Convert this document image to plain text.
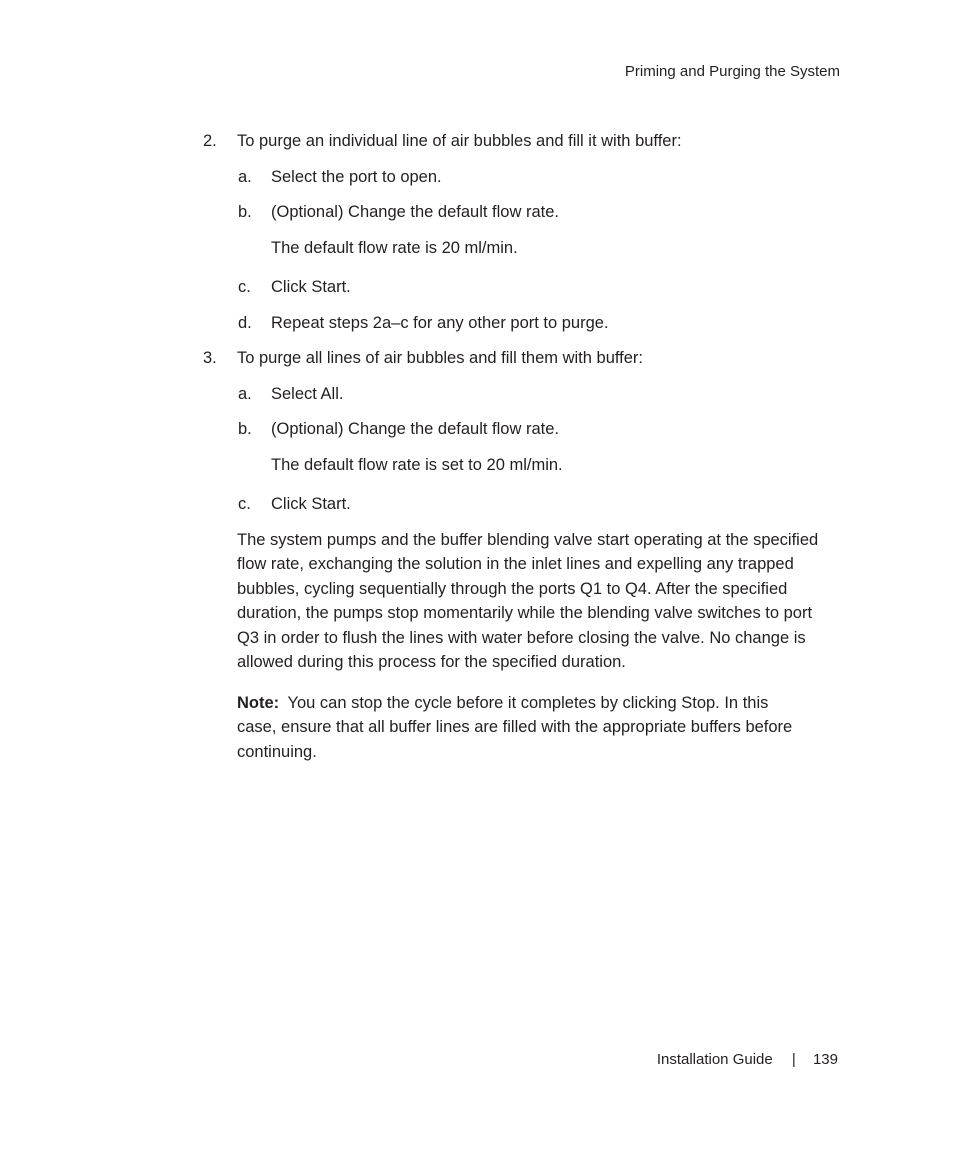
Priming and Purging the System
2. To purge an individual line of air bubbles and fill it with buffer:
a. Select the port to open.
b. (Optional) Change the default flow rate.
The default flow rate is 20 ml/min.
c. Click Start.
d. Repeat steps 2a–c for any other port to purge.
3. To purge all lines of air bubbles and fill them with buffer:
a. Select All.
b. (Optional) Change the default flow rate.
The default flow rate is set to 20 ml/min.
c. Click Start.
The system pumps and the buffer blending valve start operating at the specified flow rate, exchanging the solution in the inlet lines and expelling any trapped bubbles, cycling sequentially through the ports Q1 to Q4. After the specified duration, the pumps stop momentarily while the blending valve switches to port Q3 in order to flush the lines with water before closing the valve. No change is allowed during this process for the specified duration.
Note: You can stop the cycle before it completes by clicking Stop. In this case, ensure that all buffer lines are filled with the appropriate buffers before continuing.
Installation Guide | 139
